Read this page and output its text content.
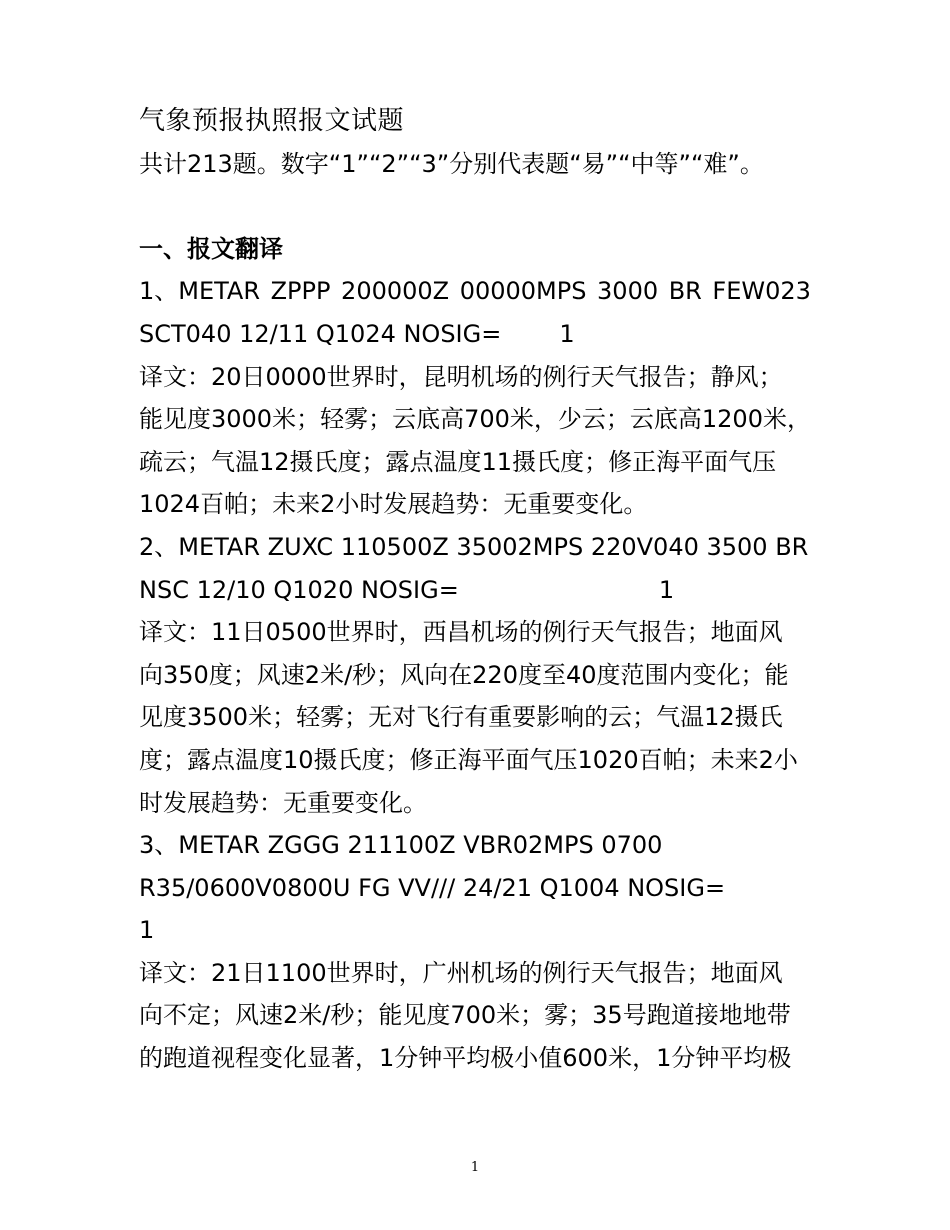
气象预报执照报文试题
共计213题。数字“1”“2”“3”分别代表题“易”“中等”“难”。
一、报文翻译
1、METAR ZPPP 200000Z 00000MPS 3000 BR FEW023
SCT040 12/11 Q1024 NOSIG= 1
译文：20日0000世界时，昆明机场的例行天气报告；静风；
能见度3000米；轻雾；云底高700米，少云；云底高1200米，
疏云；气温12摄氏度；露点温度11摄氏度；修正海平面气压
1024百帕；未来2小时发展趋势：无重要变化。
2、METAR ZUXC 110500Z 35002MPS 220V040 3500 BR
NSC 12/10 Q1020 NOSIG=	1
译文：11日0500世界时，西昌机场的例行天气报告；地面风
向350度；风速2米/秒；风向在220度至40度范围内变化；能
见度3500米；轻雾；无对飞行有重要影响的云；气温12摄氏
度；露点温度10摄氏度；修正海平面气压1020百帕；未来2小
时发展趋势：无重要变化。
3、METAR ZGGG 211100Z VBR02MPS 0700
R35/0600V0800U FG VV/// 24/21 Q1004 NOSIG=
1
译文：21日1100世界时，广州机场的例行天气报告；地面风
向不定；风速2米/秒；能见度700米；雾；35号跑道接地地带
的跑道视程变化显著，1分钟平均极小值600米，1分钟平均极
1
